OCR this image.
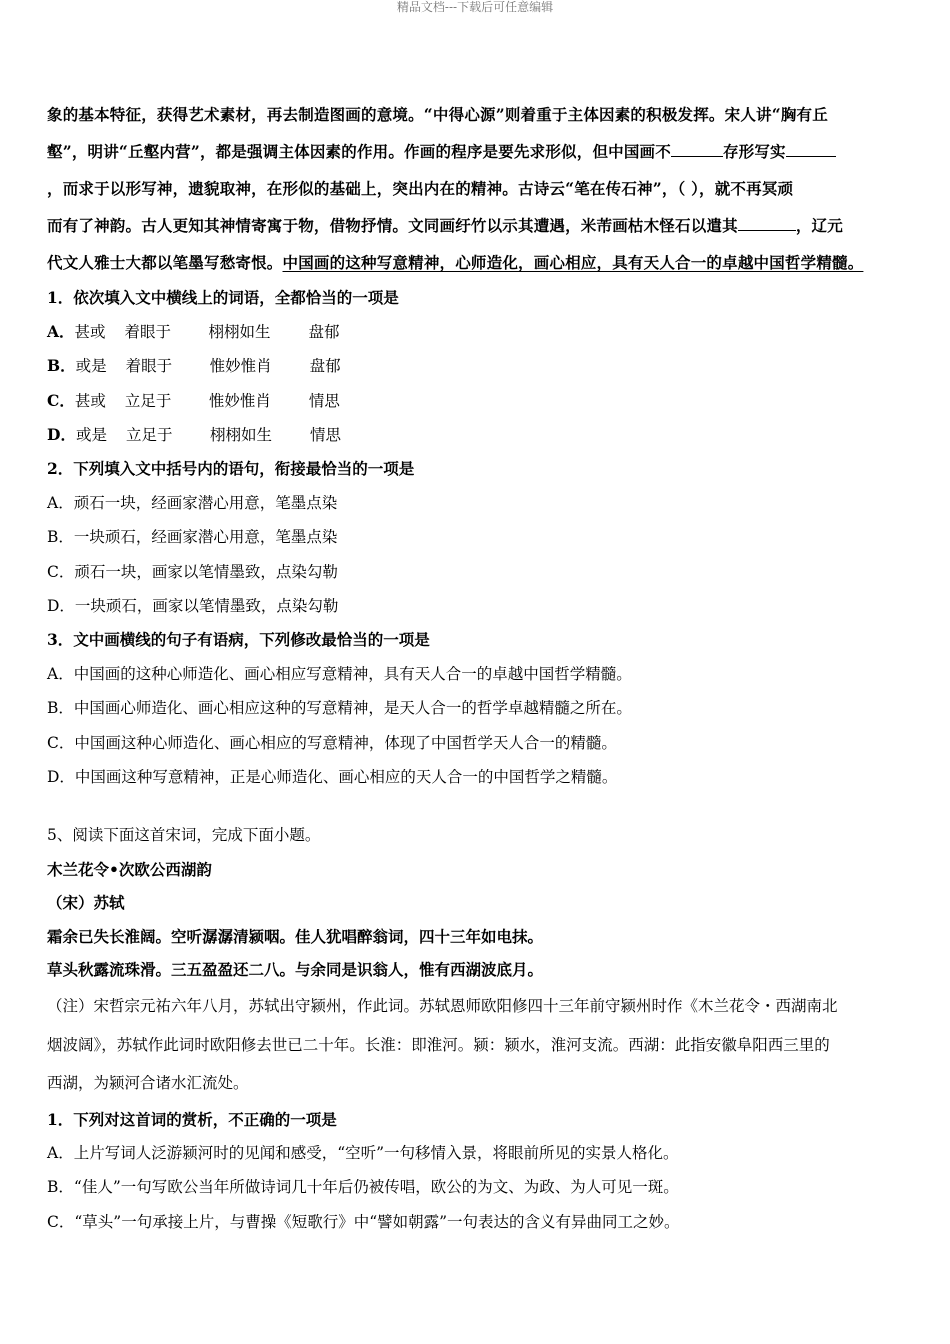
精品文档---下载后可任意编辑
象的基本特征，获得艺术素材，再去制造图画的意境。“中得心源”则着重于主体因素的积极发挥。宋人讲“胸有丘
壑”，明讲“丘壑内营”，都是强调主体因素的作用。作画的程序是要先求形似，但中国画不	存形写实
，而求于以形写神，遗貌取神，在形似的基础上，突出内在的精神。古诗云“笔在传石神”，（ ），就不再冥顽
而有了神韵。古人更知其神情寄寓于物，借物抒情。文同画纡竹以示其遭遇，米芾画枯木怪石以遣其	，辽元
代文人雅士大都以笔墨写愁寄恨。中国画的这种写意精神，心师造化，画心相应，具有天人合一的卓越中国哲学精髓。
1．依次填入文中横线上的词语，全都恰当的一项是
A．甚或 着眼于 栩栩如生 盘郁
B．或是 着眼于 惟妙惟肖 盘郁
C．甚或 立足于 惟妙惟肖 情思
D．或是 立足于 栩栩如生 情思
2．下列填入文中括号内的语句，衔接最恰当的一项是
A．顽石一块，经画家潜心用意，笔墨点染
B．一块顽石，经画家潜心用意，笔墨点染
C．顽石一块，画家以笔情墨致，点染勾勒
D．一块顽石，画家以笔情墨致，点染勾勒
3．文中画横线的句子有语病，下列修改最恰当的一项是
A．中国画的这种心师造化、画心相应写意精神，具有天人合一的卓越中国哲学精髓。
B．中国画心师造化、画心相应这种的写意精神，是天人合一的哲学卓越精髓之所在。
C．中国画这种心师造化、画心相应的写意精神，体现了中国哲学天人合一的精髓。
D．中国画这种写意精神，正是心师造化、画心相应的天人合一的中国哲学之精髓。
5、阅读下面这首宋词，完成下面小题。
木兰花令•次欧公西湖韵
（宋）苏轼
霜余已失长淮阔。空听潺潺清颍咽。佳人犹唱醉翁词，四十三年如电抹。
草头秋露流珠滑。三五盈盈还二八。与余同是识翁人，惟有西湖波底月。
（注）宋哲宗元祐六年八月，苏轼出守颍州，作此词。苏轼恩师欧阳修四十三年前守颍州时作《木兰花令・西湖南北
烟波阔》，苏轼作此词时欧阳修去世已二十年。长淮：即淮河。颍：颍水，淮河支流。西湖：此指安徽阜阳西三里的
西湖，为颍河合诸水汇流处。
1．下列对这首词的赏析，不正确的一项是
A．上片写词人泛游颍河时的见闻和感受，“空听”一句移情入景，将眼前所见的实景人格化。
B．“佳人”一句写欧公当年所做诗词几十年后仍被传唱，欧公的为文、为政、为人可见一斑。
C．“草头”一句承接上片，与曹操《短歌行》中“譬如朝露”一句表达的含义有异曲同工之妙。
